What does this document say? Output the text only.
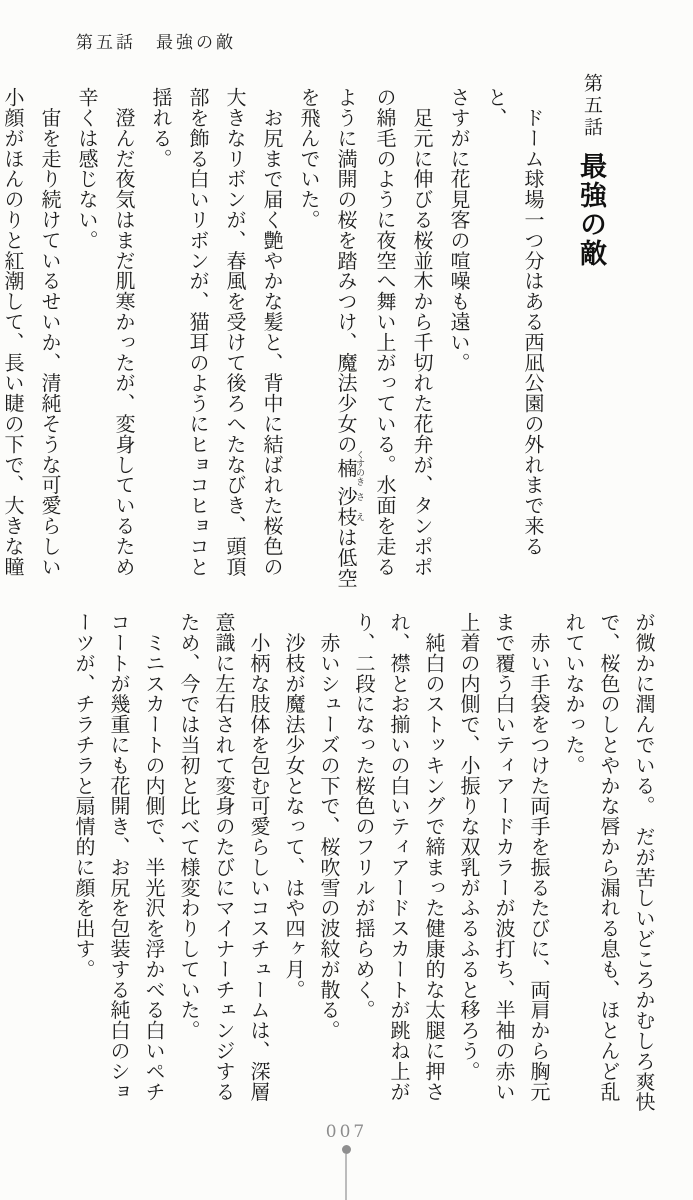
第五話　最強の敵
第五話
最強の敵

　ドーム球場一つ分はある西凪公園の外れまで来ると、

さすがに花見客の喧噪も遠い。

　足元に伸びる桜並木から千切れた花弁が、タンポポ

の綿毛のように夜空へ舞い上がっている。水面を走る

ように満開の桜を踏みつけ、魔法少女の楠 くすのき沙枝 さえは低空

を飛んでいた。

　お尻まで届く艶やかな髪と、背中に結ばれた桜色の

大きなリボンが、春風を受けて後ろへたなびき、頭頂

部を飾る白いリボンが、猫耳のようにヒョコヒョコと

揺れる。

　澄んだ夜気はまだ肌寒かったが、変身しているため

辛くは感じない。

　宙を走り続けているせいか、清純そうな可愛らしい

小顔がほんのりと紅潮して、長い睫の下で、大きな瞳

が微かに潤んでいる。　だが苦しいどころかむしろ爽快

で、桜色のしとやかな唇から漏れる息も、ほとんど乱

れていなかった。

　赤い手袋をつけた両手を振るたびに、両肩から胸元

まで覆う白いティアードカラーが波打ち、半袖の赤い

上着の内側で、小振りな双乳がふるふると移ろう。

　純白のストッキングで締まった健康的な太腿に押さ

れ、襟とお揃いの白いティアードスカートが跳ね上が

り、二段になった桜色のフリルが揺らめく。

　赤いシューズの下で、桜吹雪の波紋が散る。

　沙枝が魔法少女となって、はや四ヶ月。

　小柄な肢体を包む可愛らしいコスチュームは、深層

意識に左右されて変身のたびにマイナーチェンジする

ため、今では当初と比べて様変わりしていた。

　ミニスカートの内側で、半光沢を浮かべる白いペチ

コートが幾重にも花開き、お尻を包装する純白のショ

ーツが、チラチラと扇情的に顔を出す。

007
